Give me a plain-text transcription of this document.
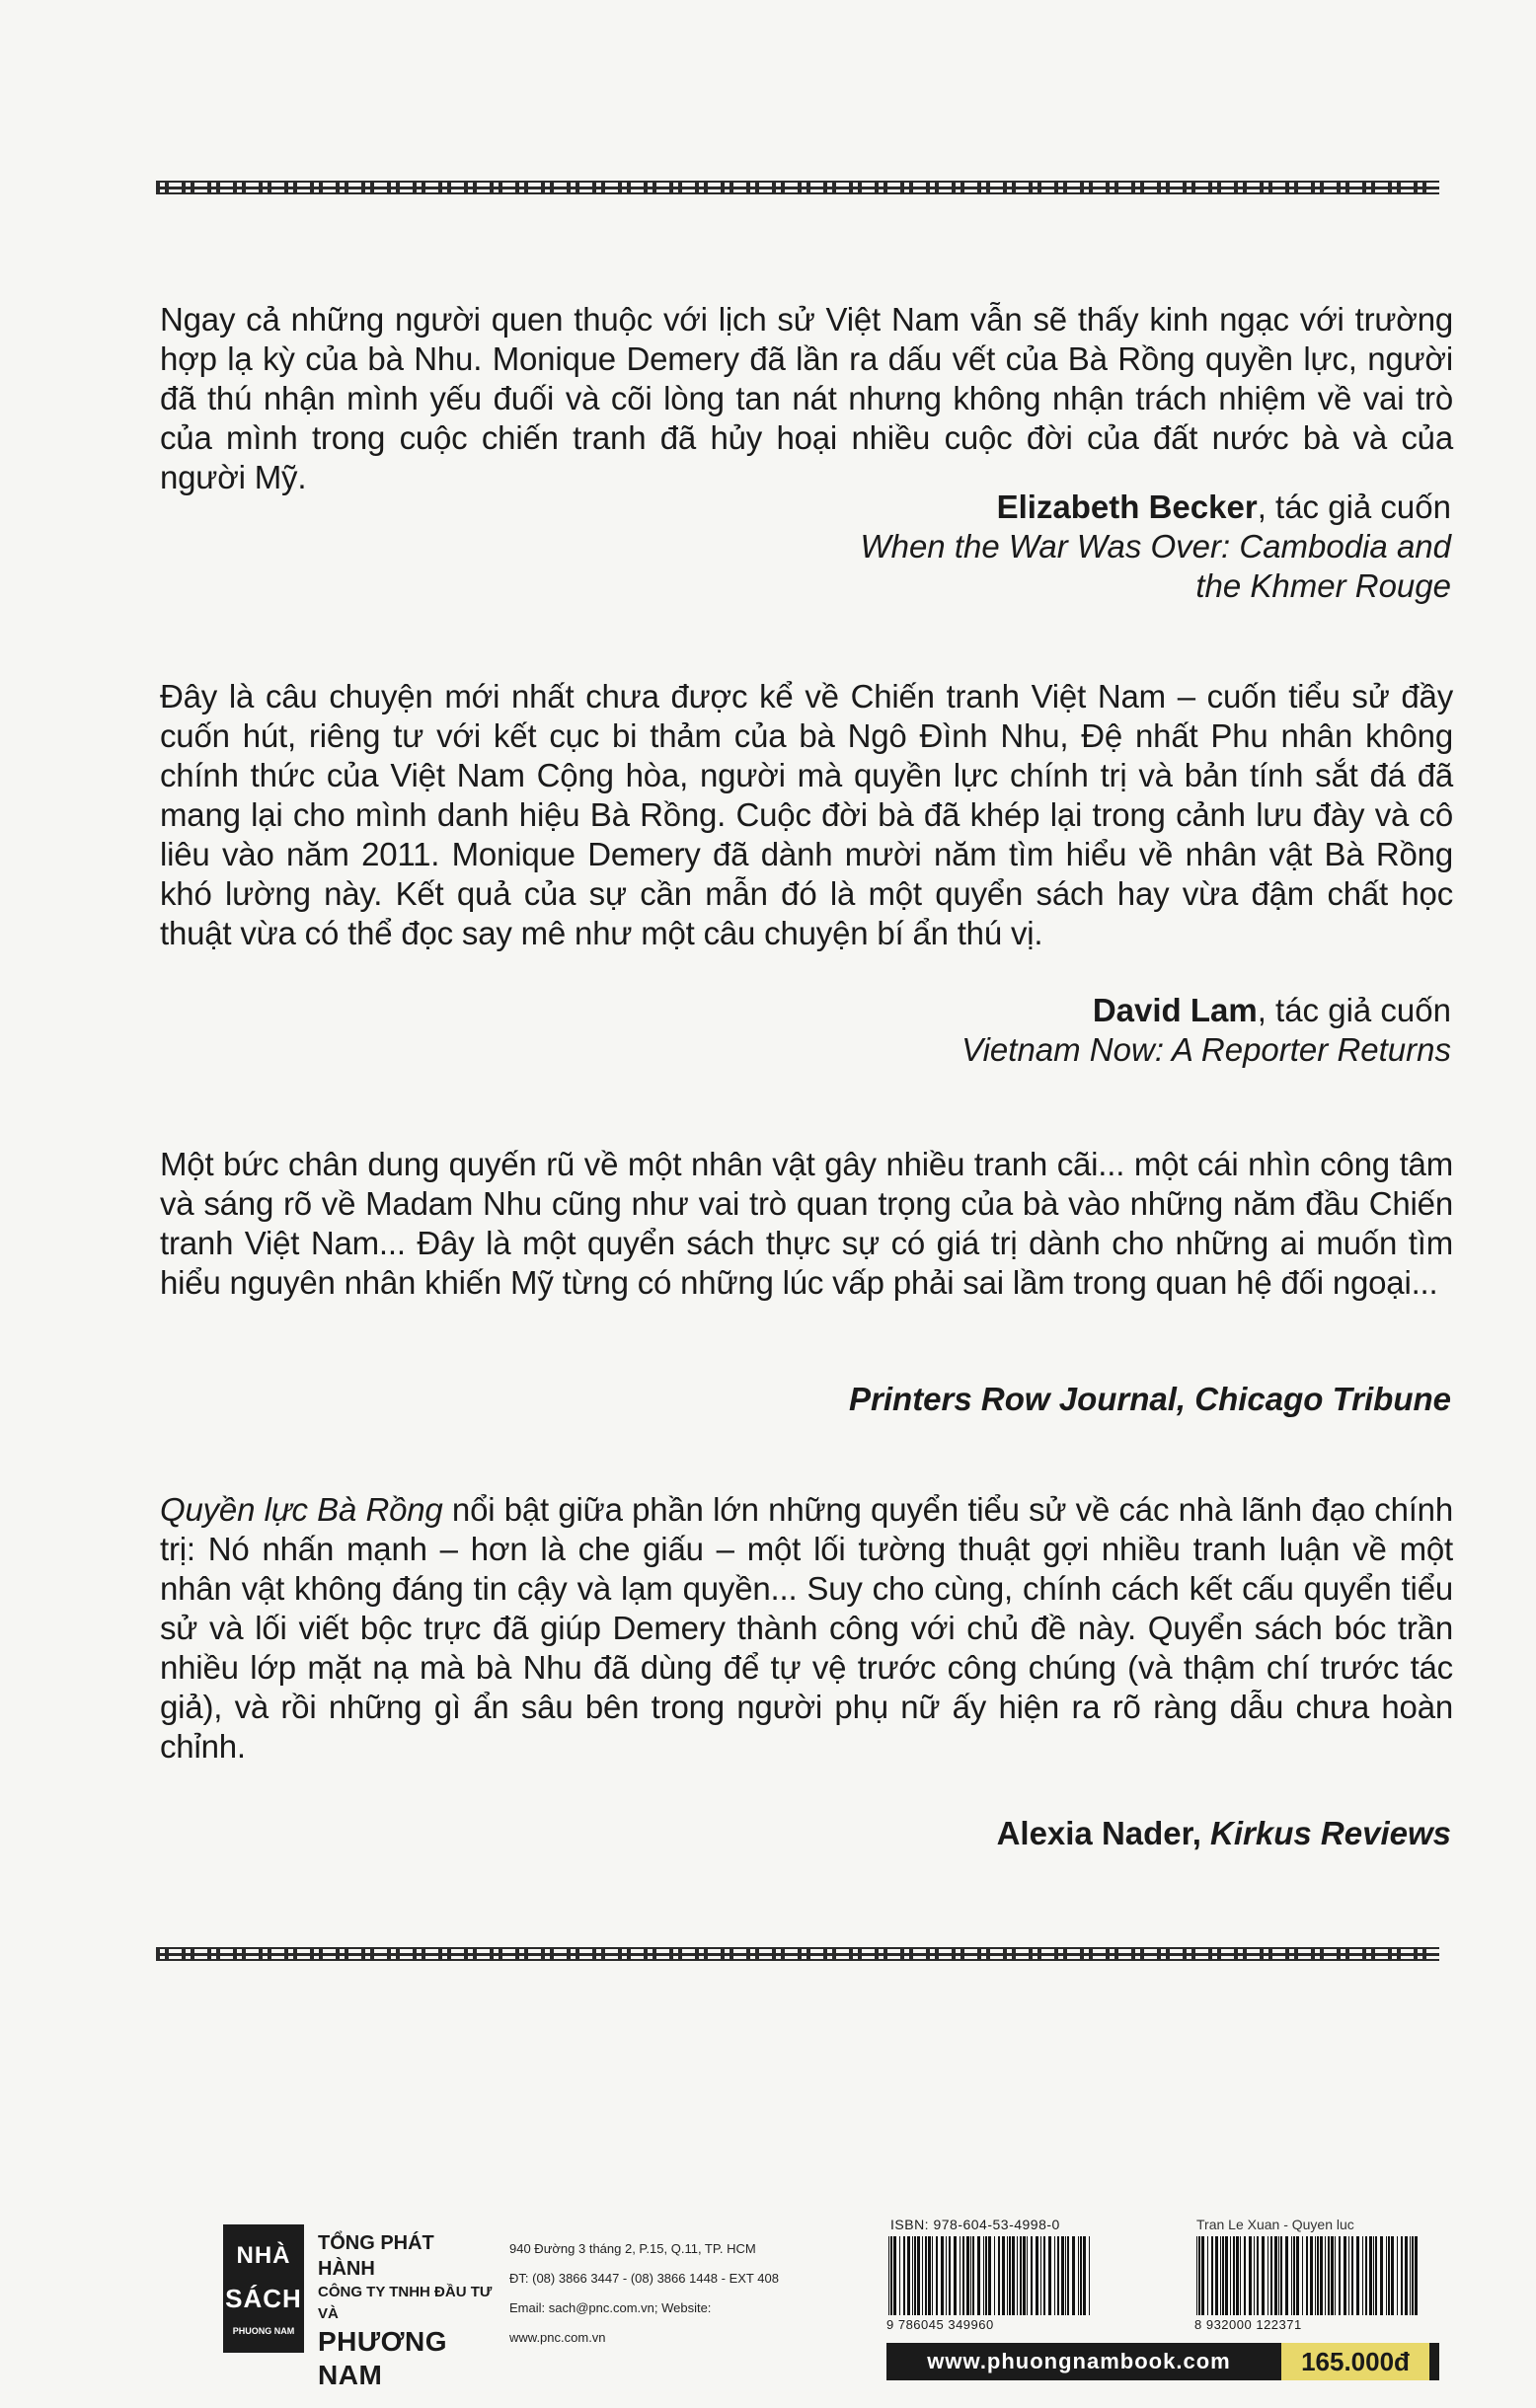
Ngay cả những người quen thuộc với lịch sử Việt Nam vẫn sẽ thấy kinh ngạc với trường hợp lạ kỳ của bà Nhu. Monique Demery đã lần ra dấu vết của Bà Rồng quyền lực, người đã thú nhận mình yếu đuối và cõi lòng tan nát nhưng không nhận trách nhiệm về vai trò của mình trong cuộc chiến tranh đã hủy hoại nhiều cuộc đời của đất nước bà và của người Mỹ.
Elizabeth Becker, tác giả cuốn
When the War Was Over: Cambodia and
the Khmer Rouge
Đây là câu chuyện mới nhất chưa được kể về Chiến tranh Việt Nam – cuốn tiểu sử đầy cuốn hút, riêng tư với kết cục bi thảm của bà Ngô Đình Nhu, Đệ nhất Phu nhân không chính thức của Việt Nam Cộng hòa, người mà quyền lực chính trị và bản tính sắt đá đã mang lại cho mình danh hiệu Bà Rồng. Cuộc đời bà đã khép lại trong cảnh lưu đày và cô liêu vào năm 2011. Monique Demery đã dành mười năm tìm hiểu về nhân vật Bà Rồng khó lường này. Kết quả của sự cần mẫn đó là một quyển sách hay vừa đậm chất học thuật vừa có thể đọc say mê như một câu chuyện bí ẩn thú vị.
David Lam, tác giả cuốn
Vietnam Now: A Reporter Returns
Một bức chân dung quyến rũ về một nhân vật gây nhiều tranh cãi... một cái nhìn công tâm và sáng rõ về Madam Nhu cũng như vai trò quan trọng của bà vào những năm đầu Chiến tranh Việt Nam... Đây là một quyển sách thực sự có giá trị dành cho những ai muốn tìm hiểu nguyên nhân khiến Mỹ từng có những lúc vấp phải sai lầm trong quan hệ đối ngoại...
Printers Row Journal, Chicago Tribune
Quyền lực Bà Rồng nổi bật giữa phần lớn những quyển tiểu sử về các nhà lãnh đạo chính trị: Nó nhấn mạnh – hơn là che giấu – một lối tường thuật gợi nhiều tranh luận về một nhân vật không đáng tin cậy và lạm quyền... Suy cho cùng, chính cách kết cấu quyển tiểu sử và lối viết bộc trực đã giúp Demery thành công với chủ đề này. Quyển sách bóc trần nhiều lớp mặt nạ mà bà Nhu đã dùng để tự vệ trước công chúng (và thậm chí trước tác giả), và rồi những gì ẩn sâu bên trong người phụ nữ ấy hiện ra rõ ràng dẫu chưa hoàn chỉnh.
Alexia Nader, Kirkus Reviews
NHÀ
SÁCH
PHUONG NAM
TỔNG PHÁT HÀNH
CÔNG TY TNHH ĐẦU TƯ VÀ
PHƯƠNG NAM
940 Đường 3 tháng 2, P.15, Q.11, TP. HCM
ĐT: (08) 3866 3447 - (08) 3866 1448 - EXT 408
Email: sach@pnc.com.vn; Website: www.pnc.com.vn
ISBN: 978-604-53-4998-0
9 786045 349960
Tran Le Xuan - Quyen luc
8 932000 122371
www.phuongnambook.com	165.000đ
